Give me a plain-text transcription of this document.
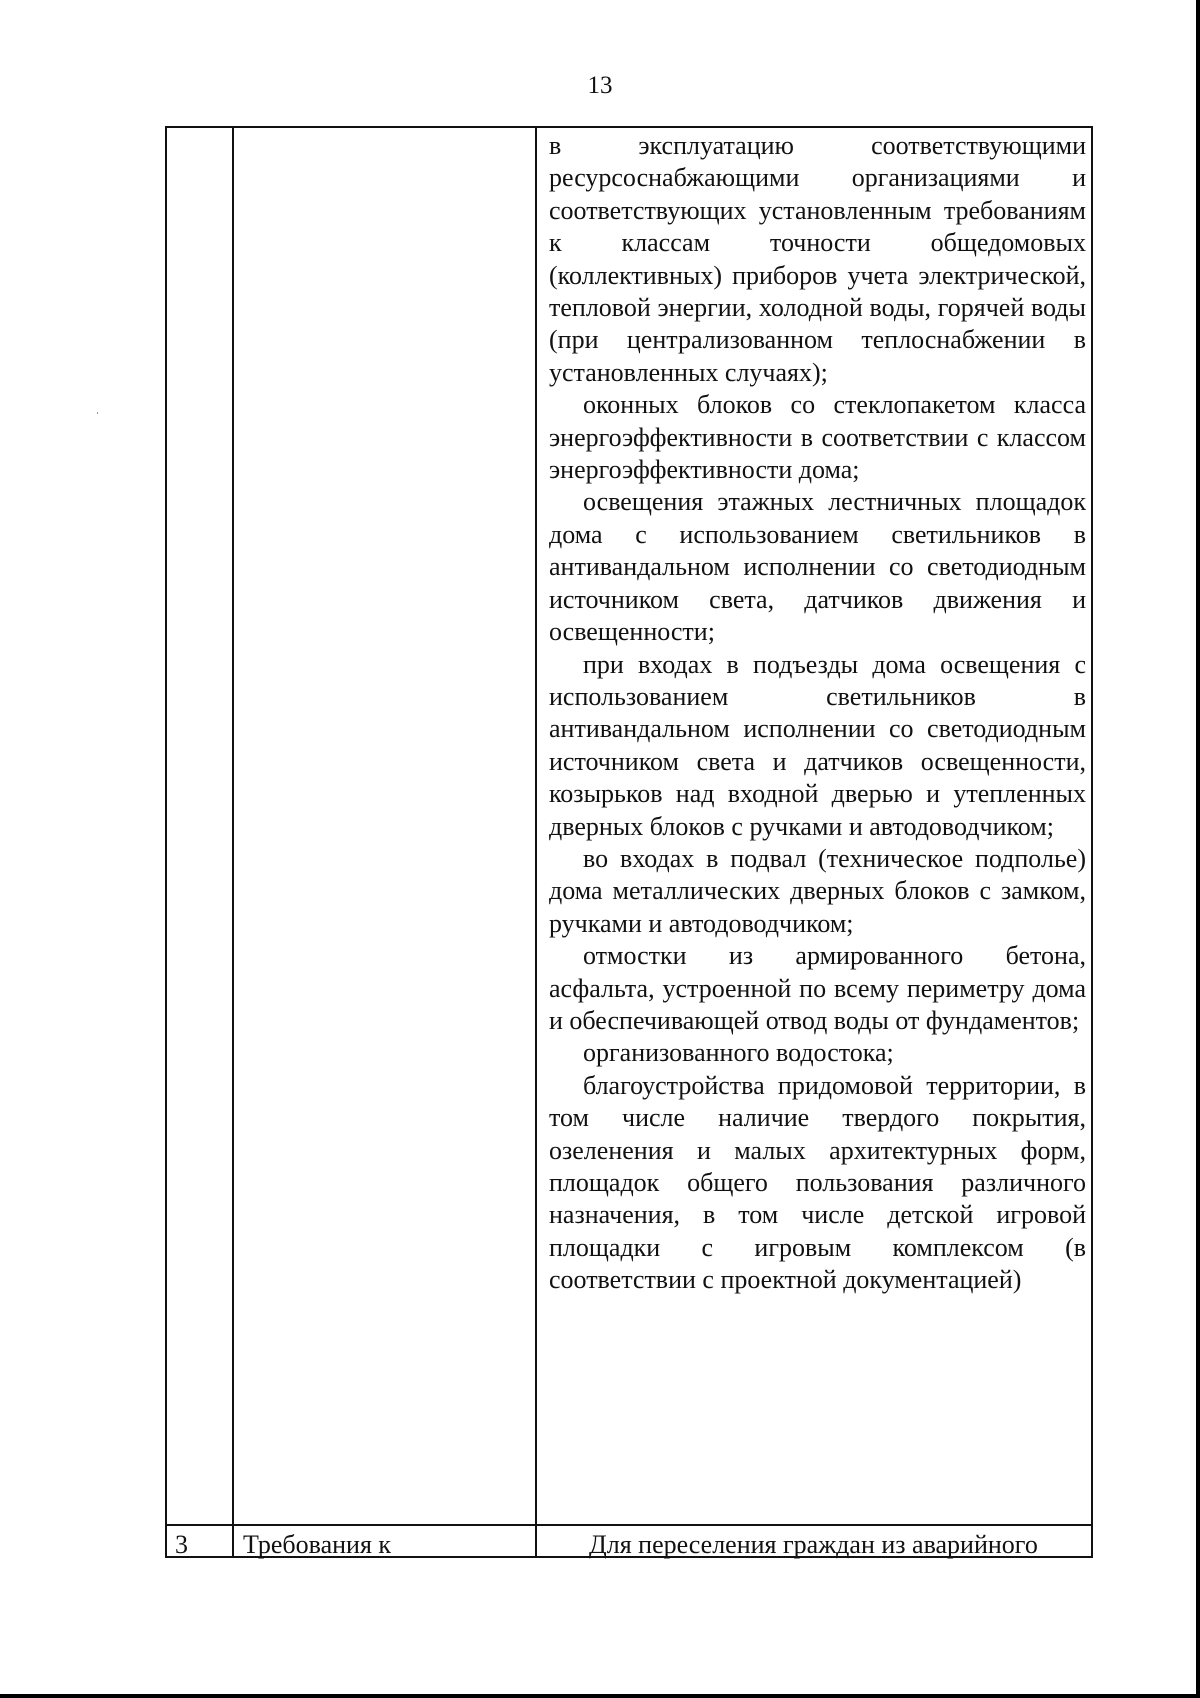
13

в эксплуатацию соответствующими ресурсоснабжающими организациями и соответствующих установленным требованиям к классам точности общедомовых (коллективных) приборов учета электрической, тепловой энергии, холодной воды, горячей воды (при централизованном теплоснабжении в установленных случаях);

оконных блоков со стеклопакетом класса энергоэффективности в соответствии с классом энергоэффективности дома;

освещения этажных лестничных площадок дома с использованием светильников в антивандальном исполнении со светодиодным источником света, датчиков движения и освещенности;

при входах в подъезды дома освещения с использованием светильников в антивандальном исполнении со светодиодным источником света и датчиков освещенности, козырьков над входной дверью и утепленных дверных блоков с ручками и автодоводчиком;

во входах в подвал (техническое подполье) дома металлических дверных блоков с замком, ручками и автодоводчиком;

отмостки из армированного бетона, асфальта, устроенной по всему периметру дома и обеспечивающей отвод воды от фундаментов;

организованного водостока;

благоустройства придомовой территории, в том числе наличие твердого покрытия, озеленения и малых архитектурных форм, площадок общего пользования различного назначения, в том числе детской игровой площадки с игровым комплексом (в соответствии с проектной документацией)

3 Требования к	Для переселения граждан из аварийного
